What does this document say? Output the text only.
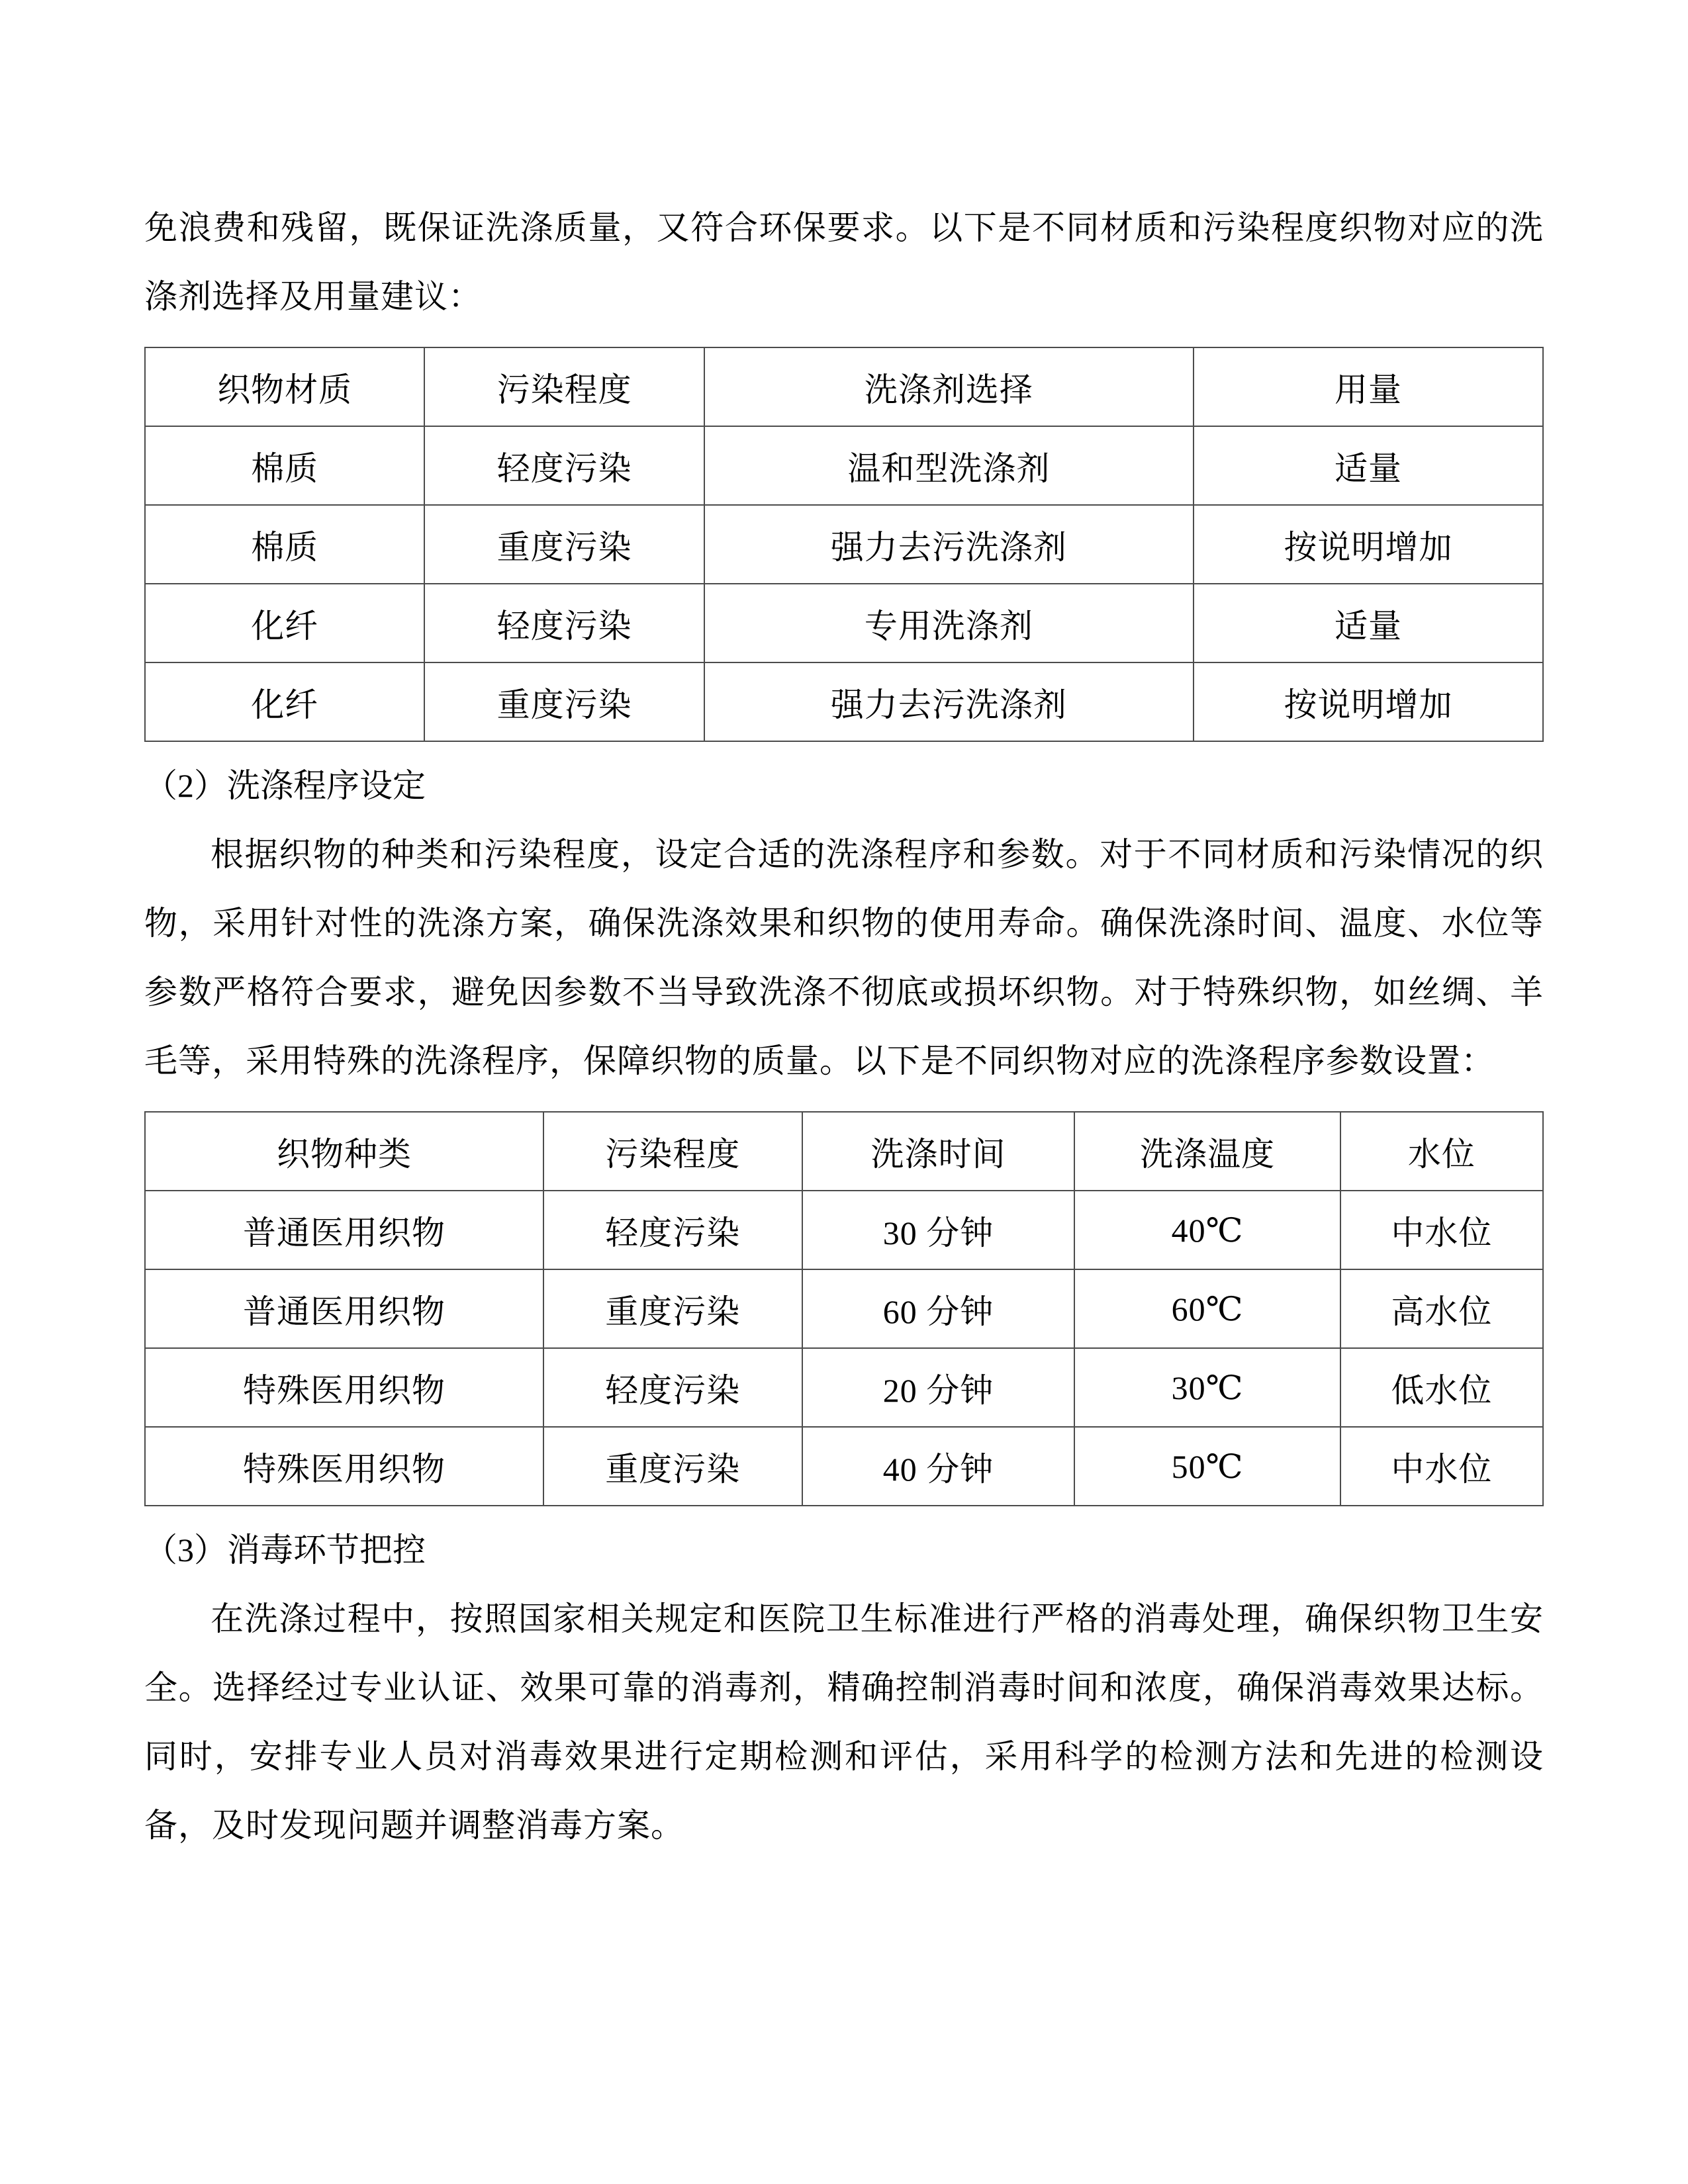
免浪费和残留，既保证洗涤质量，又符合环保要求。以下是不同材质和污染程度织物对应的洗涤剂选择及用量建议：

织物材质	污染程度	洗涤剂选择	用量
棉质	轻度污染	温和型洗涤剂	适量
棉质	重度污染	强力去污洗涤剂	按说明增加
化纤	轻度污染	专用洗涤剂	适量
化纤	重度污染	强力去污洗涤剂	按说明增加

（2）洗涤程序设定

根据织物的种类和污染程度，设定合适的洗涤程序和参数。对于不同材质和污染情况的织物，采用针对性的洗涤方案，确保洗涤效果和织物的使用寿命。确保洗涤时间、温度、水位等参数严格符合要求，避免因参数不当导致洗涤不彻底或损坏织物。对于特殊织物，如丝绸、羊毛等，采用特殊的洗涤程序，保障织物的质量。以下是不同织物对应的洗涤程序参数设置：

织物种类	污染程度	洗涤时间	洗涤温度	水位
普通医用织物	轻度污染	30 分钟	40℃	中水位
普通医用织物	重度污染	60 分钟	60℃	高水位
特殊医用织物	轻度污染	20 分钟	30℃	低水位
特殊医用织物	重度污染	40 分钟	50℃	中水位

（3）消毒环节把控

在洗涤过程中，按照国家相关规定和医院卫生标准进行严格的消毒处理，确保织物卫生安全。选择经过专业认证、效果可靠的消毒剂，精确控制消毒时间和浓度，确保消毒效果达标。同时，安排专业人员对消毒效果进行定期检测和评估，采用科学的检测方法和先进的检测设备，及时发现问题并调整消毒方案。
